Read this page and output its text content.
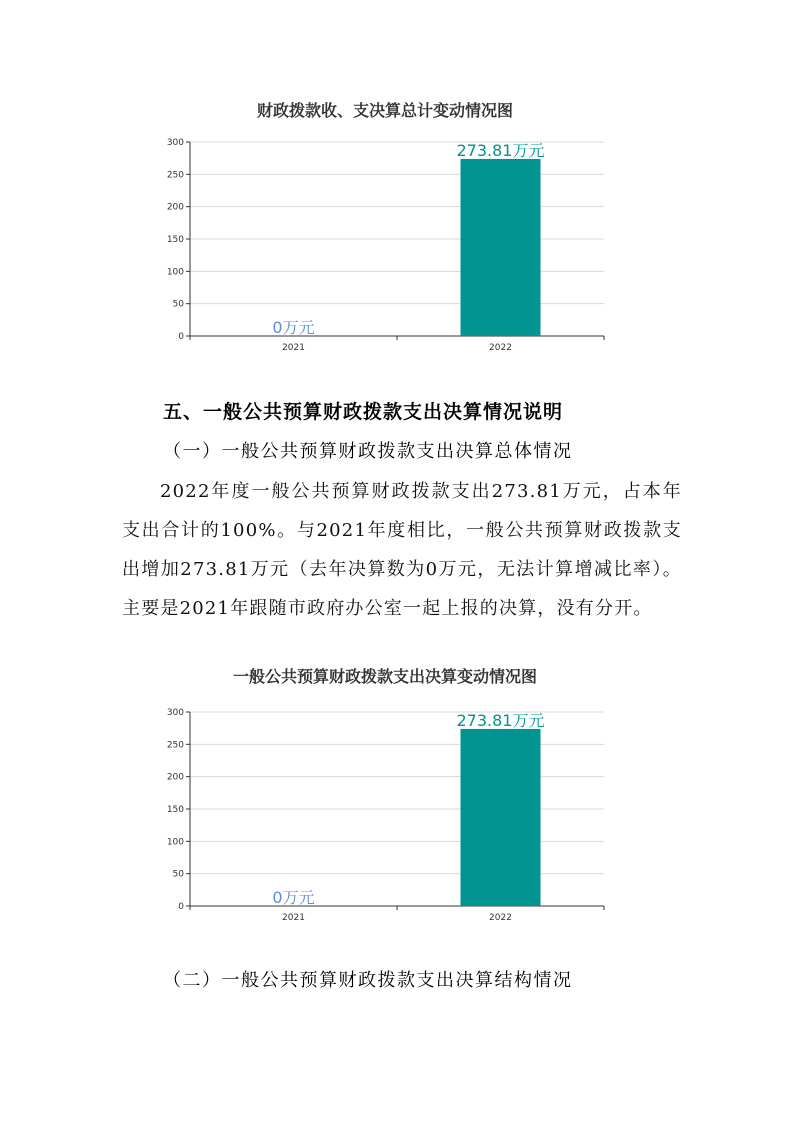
财政拨款收、支决算总计变动情况图
0
50
100
150
200
250
300
0万元
2021
273.81万元
2022
五、一般公共预算财政拨款支出决算情况说明
（一）一般公共预算财政拨款支出决算总体情况

2022年度一般公共预算财政拨款支出273.81万元，占本年支出合计的100%。与2021年度相比，一般公共预算财政拨款支出增加273.81万元（去年决算数为0万元，无法计算增减比率）。主要是2021年跟随市政府办公室一起上报的决算，没有分开。

一般公共预算财政拨款支出决算变动情况图
0
50
100
150
200
250
300
0万元
2021
273.81万元
2022
（二）一般公共预算财政拨款支出决算结构情况
